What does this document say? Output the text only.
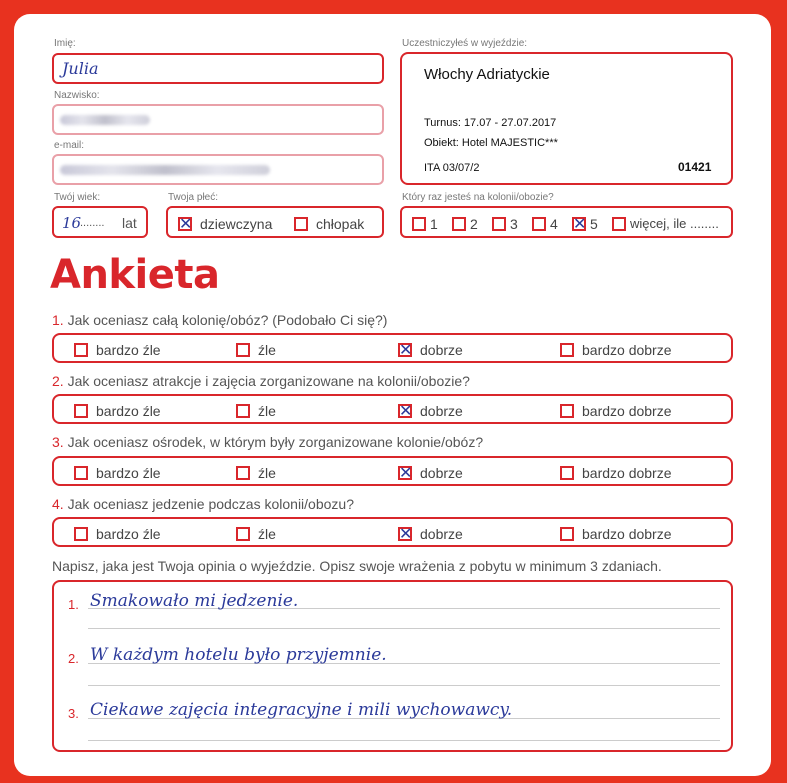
Imię:
Julia
Nazwisko:
e-mail:
Twój wiek:
16
........ lat
Twoja płeć:
✕dziewczyna	chłopak
Uczestniczyłeś w wyjeździe:
Włochy Adriatyckie
Turnus: 17.07 - 27.07.2017
Obiekt: Hotel MAJESTIC***
ITA 03/07/2	01421
Który raz jesteś na kolonii/obozie?
1	2	3	4 ✕	5	więcej, ile ........
Ankieta
1. Jak oceniasz całą kolonię/obóz? (Podobało Ci się?)
bardzo źle	źle ✕	dobrze	bardzo dobrze
2. Jak oceniasz atrakcje i zajęcia zorganizowane na kolonii/obozie?
bardzo źle	źle ✕	dobrze	bardzo dobrze
3. Jak oceniasz ośrodek, w którym były zorganizowane kolonie/obóz?
bardzo źle	źle ✕	dobrze	bardzo dobrze
4. Jak oceniasz jedzenie podczas kolonii/obozu?
bardzo źle	źle ✕	dobrze	bardzo dobrze
Napisz, jaka jest Twoja opinia o wyjeździe. Opisz swoje wrażenia z pobytu w minimum 3 zdaniach.
1. Smakowało mi jedzenie.
2. W każdym hotelu było przyjemnie.
3. Ciekawe zajęcia integracyjne i mili wychowawcy.
